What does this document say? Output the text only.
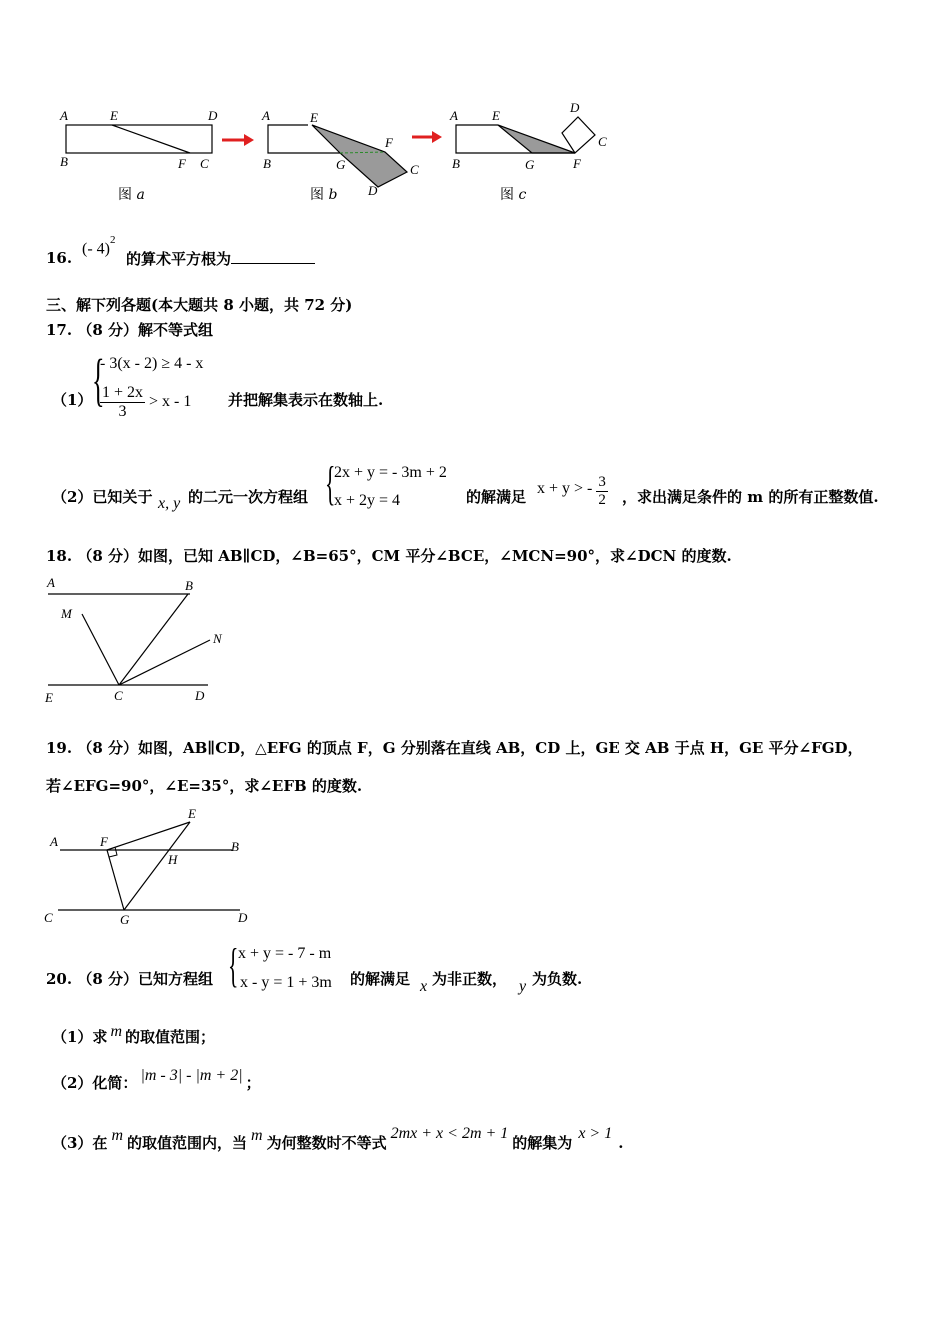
A	E	D
B	F C
A	E
F
B	G	C
D
A	E
D
C
B	G	F
图 a	图 b	图 c
16.
(- 4)$^2$
的算术平方根为
三、解下列各题(本大题共 8 小题，共 72 分)
17. （8 分）解不等式组
（1） {
- 3(x - 2) ≥ 4 - x
$\frac{1 + 2x}{3} > x - 1$ 并把解集表示在数轴上.
（2）已知关于 x, y 的二元一次方程组 {
2x + y = - 3m + 2
x + 2y = 4	的解满足 x + y > - $\frac{3}{2}$ ，求出满足条件的 m 的所有正整数值.
18. （8 分）如图，已知 AB∥CD，∠B=65°，CM 平分∠BCE，∠MCN=90°，求∠DCN 的度数.
A	B
M
N
E	C	D
19. （8 分）如图，AB∥CD，△EFG 的顶点 F，G 分别落在直线 AB，CD 上，GE 交 AB 于点 H，GE 平分∠FGD，
若∠EFG=90°，∠E=35°，求∠EFB 的度数.
A	F
E
B
H
C	G	D
20. （8 分）已知方程组 { x + y = - 7 - m
x - y = 1 + 3m 的解满足 x 为非正数， y 为负数.
（1）求 m 的取值范围；
（2）化简： |m - 3| - |m + 2| ；
（3）在 m 的取值范围内，当 m 为何整数时不等式2mx + x < 2m + 1的解集为x > 1.
